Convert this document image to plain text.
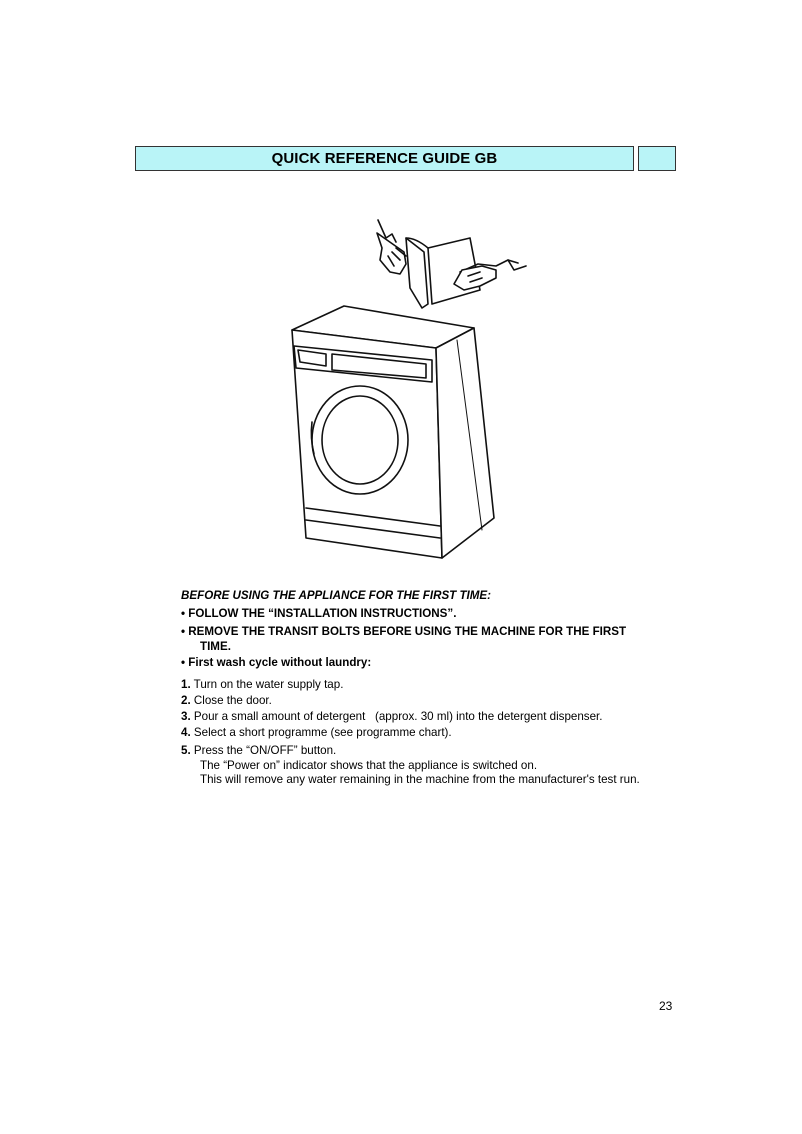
QUICK REFERENCE GUIDE GB
BEFORE USING THE APPLIANCE FOR THE FIRST TIME:
• FOLLOW THE “INSTALLATION INSTRUCTIONS”.
• REMOVE THE TRANSIT BOLTS BEFORE USING THE MACHINE FOR THE FIRST
TIME.
• First wash cycle without laundry:
1. Turn on the water supply tap.
2. Close the door.
3. Pour a small amount of detergent   (approx. 30 ml) into the detergent dispenser.
4. Select a short programme (see programme chart).
5. Press the “ON/OFF” button.
The “Power on” indicator shows that the appliance is switched on.
This will remove any water remaining in the machine from the manufacturer's test run.
23
